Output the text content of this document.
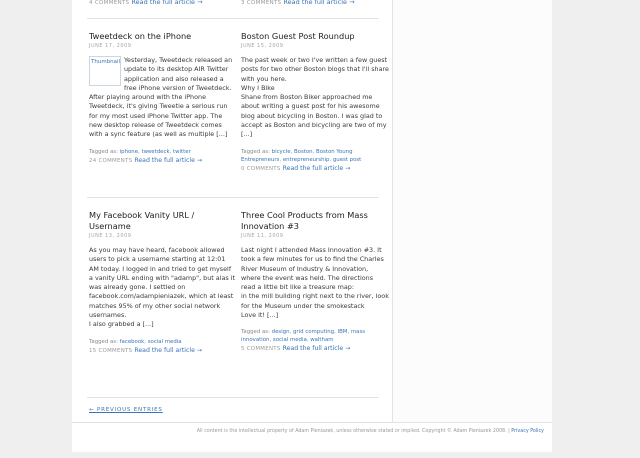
4 COMMENTS Read the full article →	3 COMMENTS Read the full article →
Tweetdeck on the iPhone
JUNE 17, 2009
Thumbnail Yesterday, Tweetdeck released an update to its desktop AIR Twitter application and also released a free iPhone version of Tweetdeck. After playing around with the iPhone Tweetdeck, it's giving Tweetie a serious run for my most used iPhone Twitter app. The new desktop release of Tweetdeck comes with a sync feature (as well as multiple [...]
Tagged as: iphone, tweetdeck, twitter
24 COMMENTS Read the full article →
Boston Guest Post Roundup
JUNE 15, 2009
The past week or two I've written a few guest posts for two other Boston blogs that I'll share with you here.
Why I Bike
Shane from Boston Biker approached me about writing a guest post for his awesome blog about bicycling in Boston. I was glad to accept as Boston and bicycling are two of my [...]
Tagged as: bicycle, Boston, Boston Young Entrepreneurs, entrepreneurship, guest post
0 COMMENTS Read the full article →
My Facebook Vanity URL / Username
JUNE 13, 2009
As you may have heard, facebook allowed users to pick a username starting at 12:01 AM today. I logged in and tried to get myself a vanity URL ending with "adamp", but alas it was already gone. I settled on facebook.com/adampieniazek, which at least matches 95% of my other social network usernames.
I also grabbed a [...]
Tagged as: facebook, social media
15 COMMENTS Read the full article →
Three Cool Products from Mass Innovation #3
JUNE 11, 2009
Last night I attended Mass Innovation #3. It took a few minutes for us to find the Charles River Museum of Industry & Innovation, where the event was held. The directions read a little bit like a treasure map:
in the mill building right next to the river, look for the Museum under the smokestack
Love it! [...]
Tagged as: design, grid computing, IBM, mass innovation, social media, waltham
5 COMMENTS Read the full article →
← PREVIOUS ENTRIES
All content is the intellectual property of Adam Pieniazek, unless otherwise stated or implied. Copyright © Adam Pieniazek 2008. | Privacy Policy
